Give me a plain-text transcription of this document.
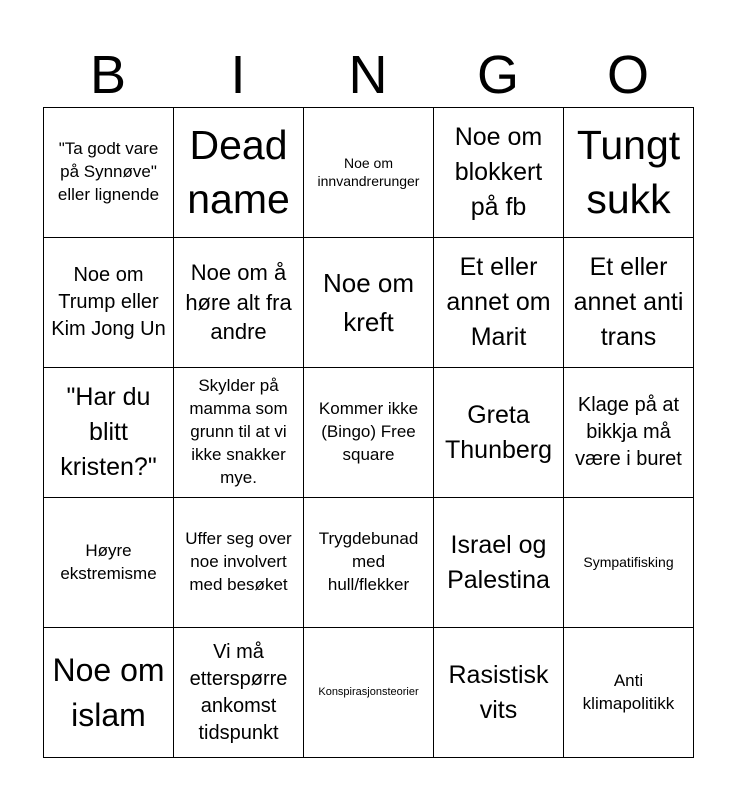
B	I	N	G	O
"Ta godt vare på Synnøve" eller lignende
Dead name
Noe om innvandrerunger
Noe om blokkert på fb
Tungt sukk
Noe om Trump eller Kim Jong Un
Noe om å høre alt fra andre
Noe om kreft
Et eller annet om Marit
Et eller annet anti trans
"Har du blitt kristen?"
Skylder på mamma som grunn til at vi ikke snakker mye.
Kommer ikke (Bingo) Free square
Greta Thunberg
Klage på at bikkja må være i buret
Høyre ekstremisme
Uffer seg over noe involvert med besøket
Trygdebunad med hull/flekker
Israel og Palestina
Sympatifisking
Noe om islam
Vi må etterspørre ankomst tidspunkt
Konspirasjonsteorier
Rasistisk vits
Anti klimapolitikk
